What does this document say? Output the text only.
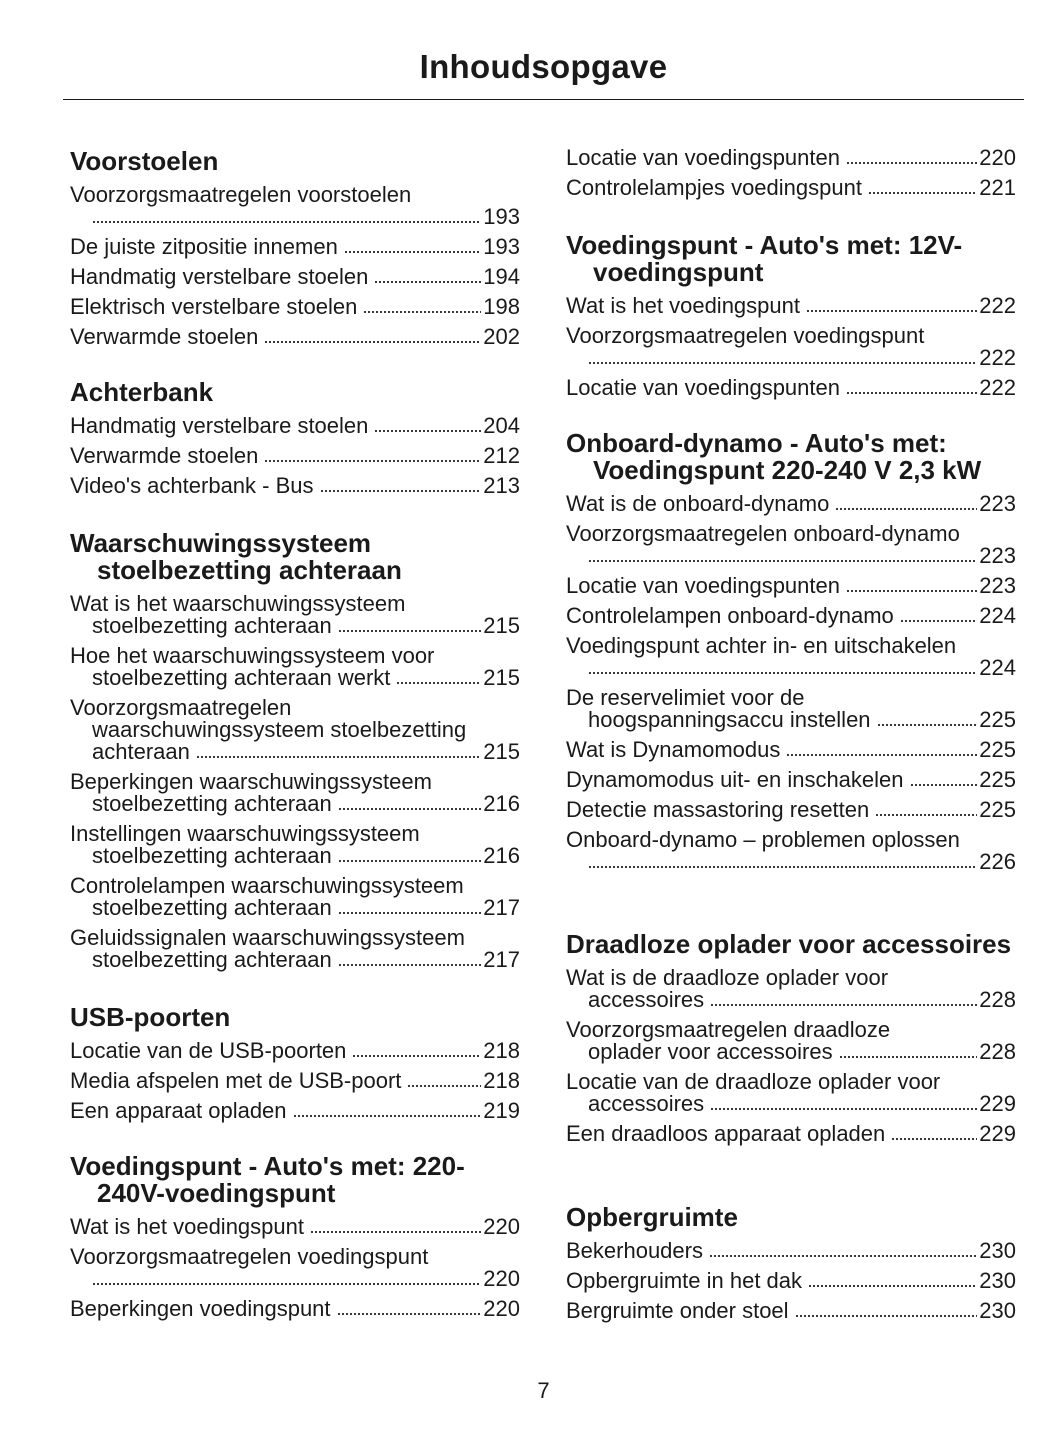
Inhoudsopgave
Voorstoelen
Voorzorgsmaatregelen voorstoelen
193
De juiste zitpositie innemen	193
Handmatig verstelbare stoelen	194
Elektrisch verstelbare stoelen	198
Verwarmde stoelen	202
Achterbank
Handmatig verstelbare stoelen	204
Verwarmde stoelen	212
Video's achterbank - Bus	213
Waarschuwingssysteem stoelbezetting achteraan
Wat is het waarschuwingssysteem
stoelbezetting achteraan	215
Hoe het waarschuwingssysteem voor
stoelbezetting achteraan werkt	215
Voorzorgsmaatregelen waarschuwingssysteem stoelbezetting
achteraan	215
Beperkingen waarschuwingssysteem
stoelbezetting achteraan	216
Instellingen waarschuwingssysteem
stoelbezetting achteraan	216
Controlelampen waarschuwingssysteem
stoelbezetting achteraan	217
Geluidssignalen waarschuwingssysteem
stoelbezetting achteraan	217
USB-poorten
Locatie van de USB-poorten	218
Media afspelen met de USB-poort	218
Een apparaat opladen	219
Voedingspunt - Auto's met: 220-240V-voedingspunt
Wat is het voedingspunt	220
Voorzorgsmaatregelen voedingspunt
220
Beperkingen voedingspunt	220
Locatie van voedingspunten	220
Controlelampjes voedingspunt	221
Voedingspunt - Auto's met: 12V-voedingspunt
Wat is het voedingspunt	222
Voorzorgsmaatregelen voedingspunt
222
Locatie van voedingspunten	222
Onboard-dynamo - Auto's met: Voedingspunt 220-240 V 2,3 kW
Wat is de onboard-dynamo	223
Voorzorgsmaatregelen onboard-dynamo
223
Locatie van voedingspunten	223
Controlelampen onboard-dynamo	224
Voedingspunt achter in- en uitschakelen
224
De reservelimiet voor de
hoogspanningsaccu instellen	225
Wat is Dynamomodus	225
Dynamomodus uit- en inschakelen	225
Detectie massastoring resetten	225
Onboard-dynamo – problemen oplossen
226
Draadloze oplader voor accessoires
Wat is de draadloze oplader voor
accessoires	228
Voorzorgsmaatregelen draadloze
oplader voor accessoires	228
Locatie van de draadloze oplader voor
accessoires	229
Een draadloos apparaat opladen	229
Opbergruimte
Bekerhouders	230
Opbergruimte in het dak	230
Bergruimte onder stoel	230
7
